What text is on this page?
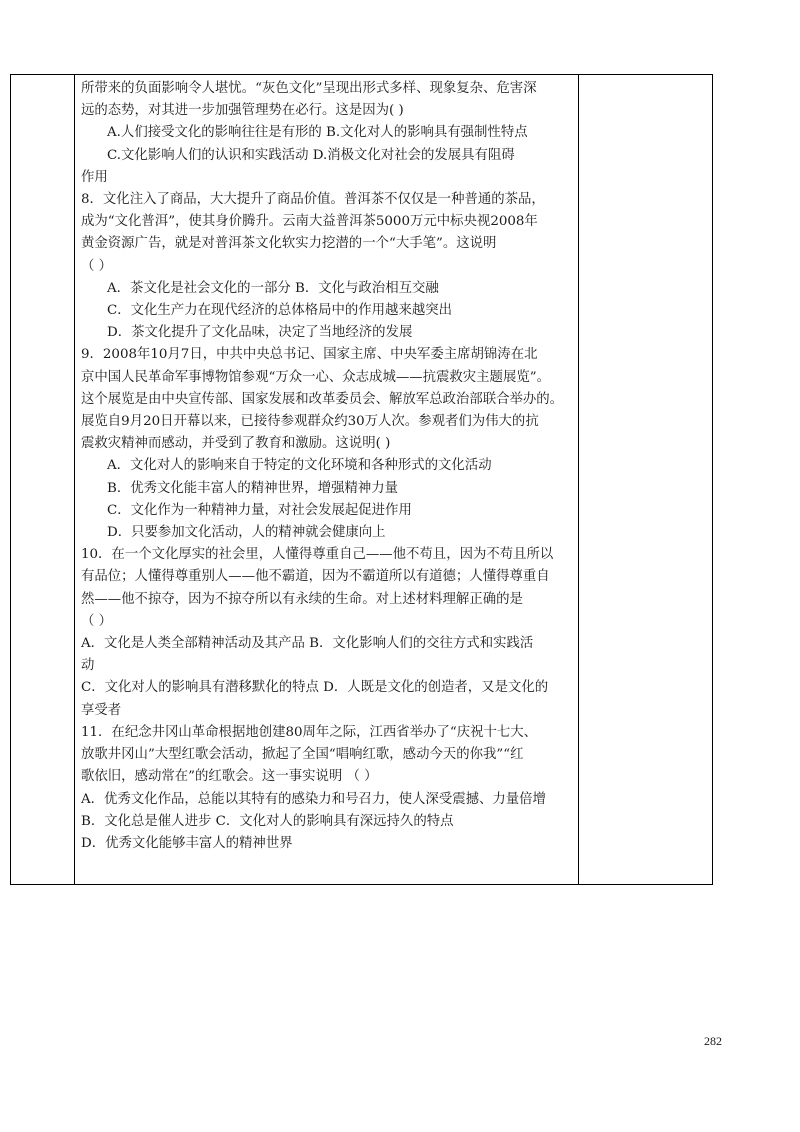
所带来的负面影响令人堪忧。“灰色文化”呈现出形式多样、现象复杂、危害深
远的态势，对其进一步加强管理势在必行。这是因为( )
A.人们接受文化的影响往往是有形的 B.文化对人的影响具有强制性特点
C.文化影响人们的认识和实践活动 D.消极文化对社会的发展具有阻碍
作用
8．文化注入了商品，大大提升了商品价值。普洱茶不仅仅是一种普通的茶品，
成为“文化普洱”，使其身价腾升。云南大益普洱茶5000万元中标央视2008年
黄金资源广告，就是对普洱茶文化软实力挖潜的一个“大手笔”。这说明
（ ）
A．茶文化是社会文化的一部分 B．文化与政治相互交融
C．文化生产力在现代经济的总体格局中的作用越来越突出
D．茶文化提升了文化品味，决定了当地经济的发展
9．2008年10月7日，中共中央总书记、国家主席、中央军委主席胡锦涛在北
京中国人民革命军事博物馆参观“万众一心、众志成城——抗震救灾主题展览”。
这个展览是由中央宣传部、国家发展和改革委员会、解放军总政治部联合举办的。
展览自9月20日开幕以来，已接待参观群众约30万人次。参观者们为伟大的抗
震救灾精神而感动，并受到了教育和激励。这说明( )
A．文化对人的影响来自于特定的文化环境和各种形式的文化活动
B．优秀文化能丰富人的精神世界，增强精神力量
C．文化作为一种精神力量，对社会发展起促进作用
D．只要参加文化活动，人的精神就会健康向上
10．在一个文化厚实的社会里，人懂得尊重自己——他不苟且，因为不苟且所以
有品位；人懂得尊重别人——他不霸道，因为不霸道所以有道德；人懂得尊重自
然——他不掠夺，因为不掠夺所以有永续的生命。对上述材料理解正确的是
（ ）
A．文化是人类全部精神活动及其产品 B．文化影响人们的交往方式和实践活
动
C．文化对人的影响具有潜移默化的特点 D．人既是文化的创造者，又是文化的
享受者
11．在纪念井冈山革命根据地创建80周年之际，江西省举办了“庆祝十七大、
放歌井冈山”大型红歌会活动，掀起了全国“唱响红歌，感动今天的你我”“红
歌依旧，感动常在”的红歌会。这一事实说明 （ ）
A．优秀文化作品，总能以其特有的感染力和号召力，使人深受震撼、力量倍增
B．文化总是催人进步 C．文化对人的影响具有深远持久的特点
D．优秀文化能够丰富人的精神世界

282
